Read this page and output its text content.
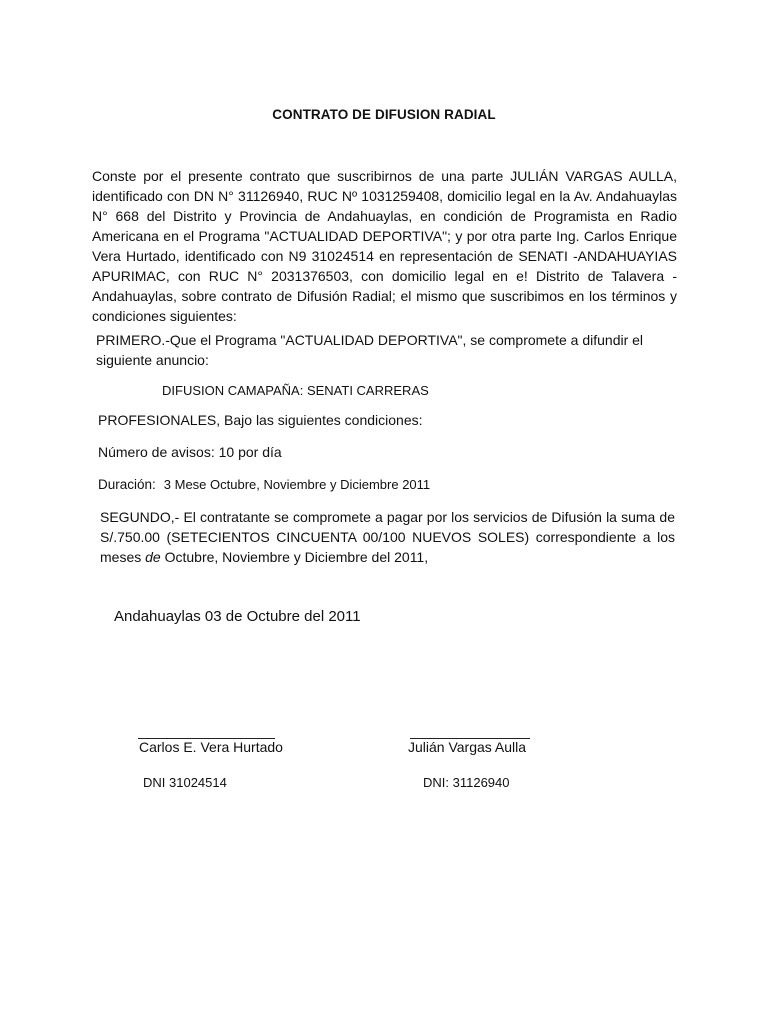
CONTRATO DE DIFUSION RADIAL
Conste por el presente contrato que suscribirnos de una parte JULIÁN VARGAS AULLA, identificado con DN N° 31126940, RUC Nº 1031259408, domicilio legal en la Av. Andahuaylas N° 668 del Distrito y Provincia de Andahuaylas, en condición de Programista en Radio Americana en el Programa "ACTUALIDAD DEPORTIVA"; y por otra parte Ing. Carlos Enrique Vera Hurtado, identificado con N9 31024514 en representación de SENATI -ANDAHUAYIAS APURIMAC, con RUC N° 2031376503, con domicilio legal en e! Distrito de Talavera -Andahuaylas, sobre contrato de Difusión Radial; el mismo que suscribimos en los términos y condiciones siguientes:
PRIMERO.-Que el Programa "ACTUALIDAD DEPORTIVA", se compromete a difundir el siguiente anuncio:
DIFUSION CAMAPAÑA: SENATI CARRERAS
PROFESIONALES, Bajo las siguientes condiciones:
Número de avisos: 10 por día
Duración: 3 Mese Octubre, Noviembre y Diciembre 2011
SEGUNDO,- El contratante se compromete a pagar por los servicios de Difusión la suma de S/.750.00 (SETECIENTOS CINCUENTA 00/100 NUEVOS SOLES) correspondiente a los meses de Octubre, Noviembre y Diciembre del 2011,
Andahuaylas 03 de Octubre del 2011
Carlos E. Vera Hurtado	Julián Vargas Aulla
DNI 31024514	DNI: 31126940
